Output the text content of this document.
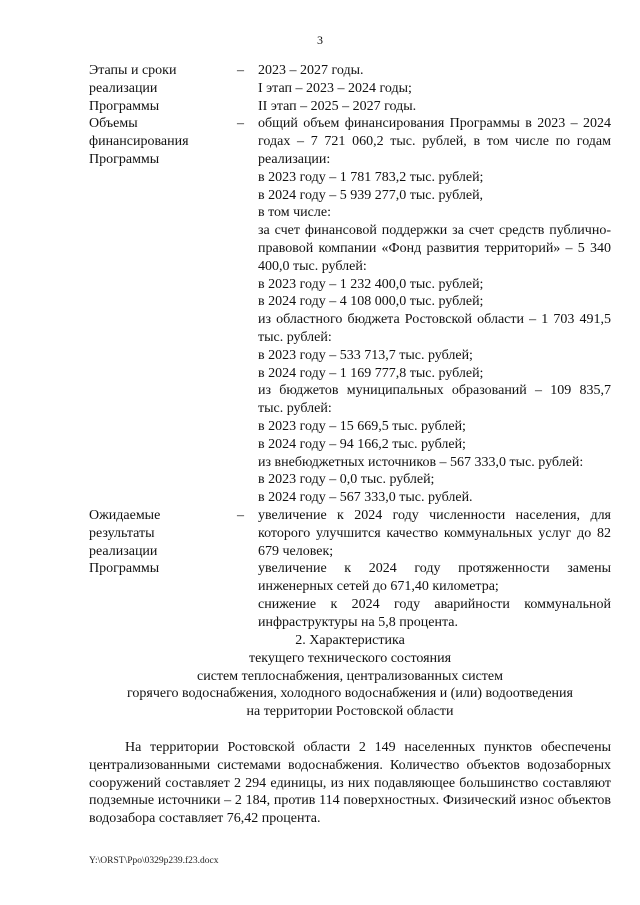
3
Этапы и сроки
реализации
Программы
–	2023 – 2027 годы.

I этап – 2023 – 2024 годы;

II этап – 2025 – 2027 годы.

Объемы
финансирования
Программы
–	общий объем финансирования Программы в 2023 – 2024 годах – 7 721 060,2 тыс. рублей, в том числе по годам реализации:

в 2023 году – 1 781 783,2 тыс. рублей;

в 2024 году – 5 939 277,0 тыс. рублей,

в том числе:

за счет финансовой поддержки за счет средств публично-правовой компании «Фонд развития территорий» – 5 340 400,0 тыс. рублей:

в 2023 году – 1 232 400,0 тыс. рублей;

в 2024 году – 4 108 000,0 тыс. рублей;

из областного бюджета Ростовской области – 1 703 491,5 тыс. рублей:

в 2023 году – 533 713,7 тыс. рублей;

в 2024 году – 1 169 777,8 тыс. рублей;

из бюджетов муниципальных образований – 109 835,7 тыс. рублей:

в 2023 году – 15 669,5 тыс. рублей;

в 2024 году – 94 166,2 тыс. рублей;

из внебюджетных источников – 567 333,0 тыс. рублей:

в 2023 году – 0,0 тыс. рублей;

в 2024 году – 567 333,0 тыс. рублей.

Ожидаемые
результаты
реализации
Программы
–	увеличение к 2024 году численности населения, для которого улучшится качество коммунальных услуг до 82 679 человек;

увеличение к 2024 году протяженности замены инженерных сетей до 671,40 километра;

снижение к 2024 году аварийности коммунальной инфраструктуры на 5,8 процента.

2. Характеристика
текущего технического состояния
систем теплоснабжения, централизованных систем
горячего водоснабжения, холодного водоснабжения и (или) водоотведения
на территории Ростовской области

На территории Ростовской области 2 149 населенных пунктов обеспечены централизованными системами водоснабжения. Количество объектов водозаборных сооружений составляет 2 294 единицы, из них подавляющее большинство составляют подземные источники – 2 184, против 114 поверхностных. Физический износ объектов водозабора составляет 76,42 процента.

Y:\ORST\Ppo\0329p239.f23.docx
